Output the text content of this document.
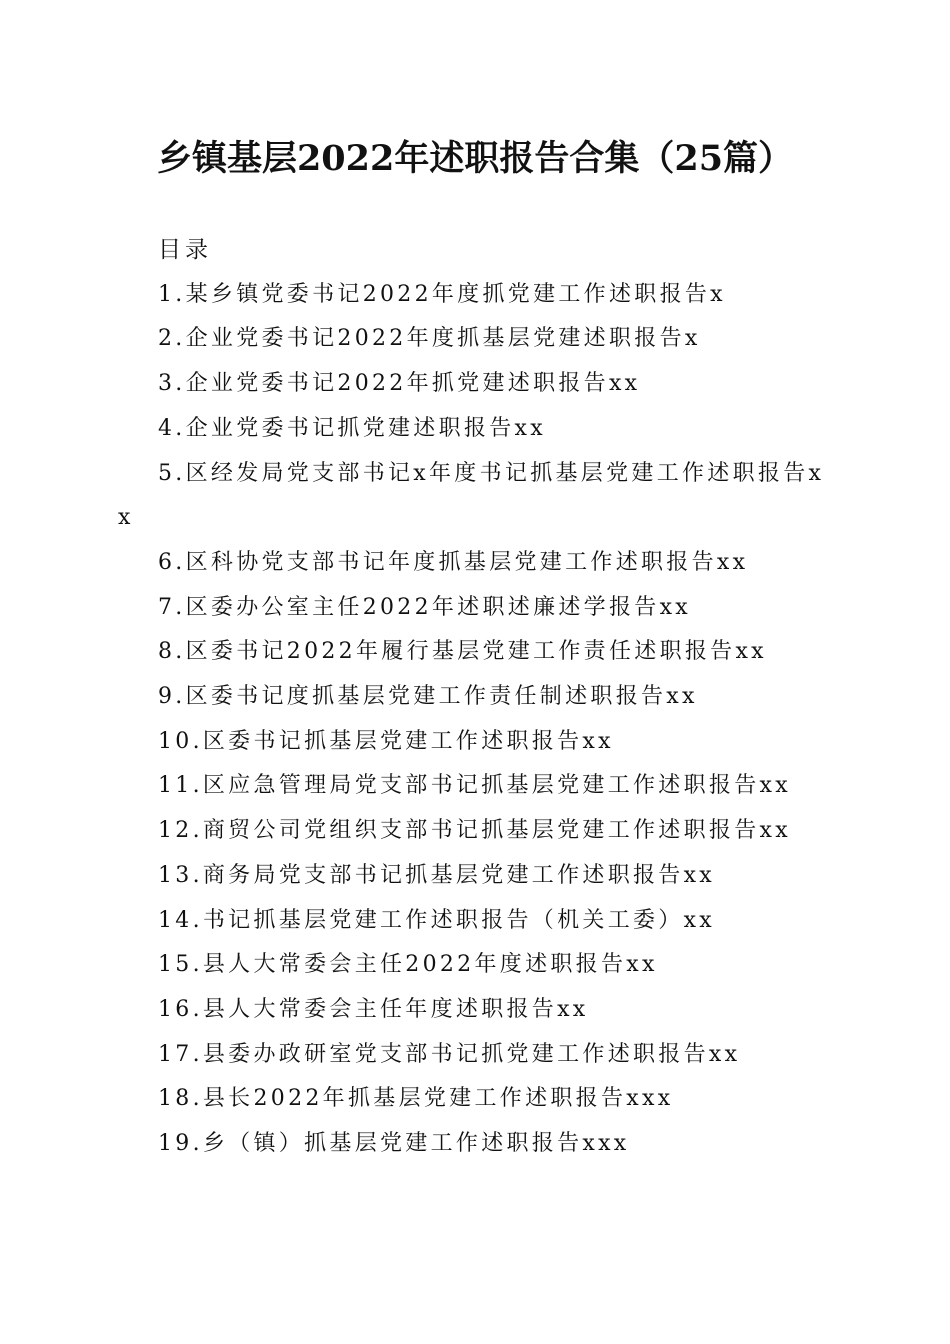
乡镇基层2022年述职报告合集（25篇）
目录
1.某乡镇党委书记2022年度抓党建工作述职报告x
2.企业党委书记2022年度抓基层党建述职报告x
3.企业党委书记2022年抓党建述职报告xx
4.企业党委书记抓党建述职报告xx
5.区经发局党支部书记x年度书记抓基层党建工作述职报告xx
6.区科协党支部书记年度抓基层党建工作述职报告xx
7.区委办公室主任2022年述职述廉述学报告xx
8.区委书记2022年履行基层党建工作责任述职报告xx
9.区委书记度抓基层党建工作责任制述职报告xx
10.区委书记抓基层党建工作述职报告xx
11.区应急管理局党支部书记抓基层党建工作述职报告xx
12.商贸公司党组织支部书记抓基层党建工作述职报告xx
13.商务局党支部书记抓基层党建工作述职报告xx
14.书记抓基层党建工作述职报告（机关工委）xx
15.县人大常委会主任2022年度述职报告xx
16.县人大常委会主任年度述职报告xx
17.县委办政研室党支部书记抓党建工作述职报告xx
18.县长2022年抓基层党建工作述职报告xxx
19.乡（镇）抓基层党建工作述职报告xxx
